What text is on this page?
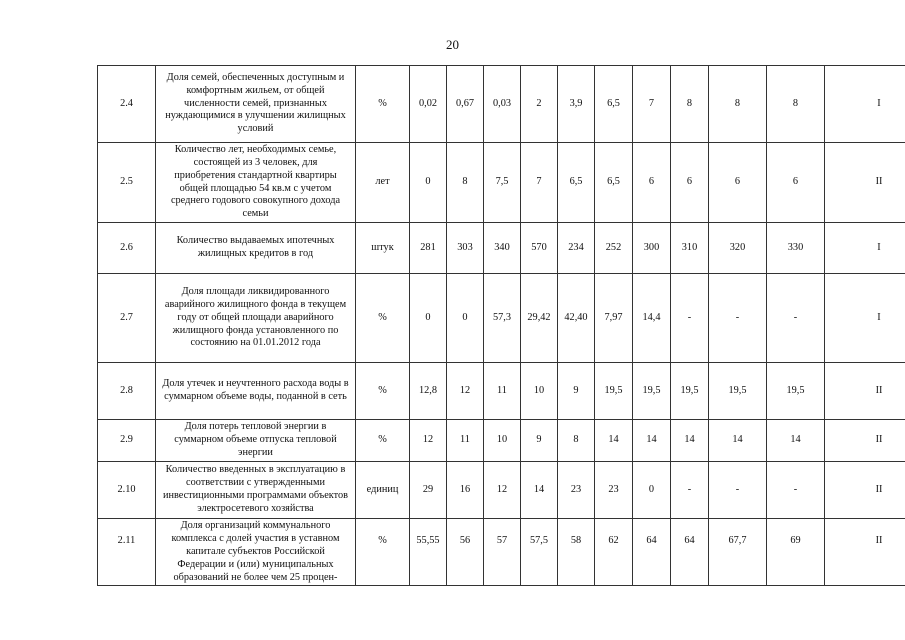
20
2.4	Доля семей, обеспеченных доступным и комфортным жильем, от общей численности семей, признанных нуждающимися в улучшении жилищных условий	%	0,02	0,67	0,03	2	3,9	6,5	7	8	8	8	I
2.5	Количество лет, необходимых семье, состоящей из 3 человек, для приобретения стандартной квартиры общей площадью 54 кв.м с учетом среднего годового совокупного дохода семьи	лет	0	8	7,5	7	6,5	6,5	6	6	6	6	II
2.6	Количество выдаваемых ипотечных жилищных кредитов в год	штук	281	303	340	570	234	252	300	310	320	330	I
2.7	Доля площади ликвидированного аварийного жилищного фонда в текущем году от общей площади аварийного жилищного фонда установленного по состоянию на 01.01.2012 года	%	0	0	57,3	29,42	42,40	7,97	14,4	-	-	-	I
2.8	Доля утечек и неучтенного расхода воды в суммарном объеме воды, поданной в сеть	%	12,8	12	11	10	9	19,5	19,5	19,5	19,5	19,5	II
2.9	Доля потерь тепловой энергии в суммарном объеме отпуска тепловой энергии	%	12	11	10	9	8	14	14	14	14	14	II
2.10	Количество введенных в эксплуатацию в соответствии с утвержденными инвестиционными программами объектов электросетевого хозяйства	единиц	29	16	12	14	23	23	0	-	-	-	II
2.11	Доля организаций коммунального комплекса с долей участия в уставном капитале субъектов Российской Федерации и (или) муниципальных образований не более чем 25 процен-	%	55,55	56	57	57,5	58	62	64	64	67,7	69	II
